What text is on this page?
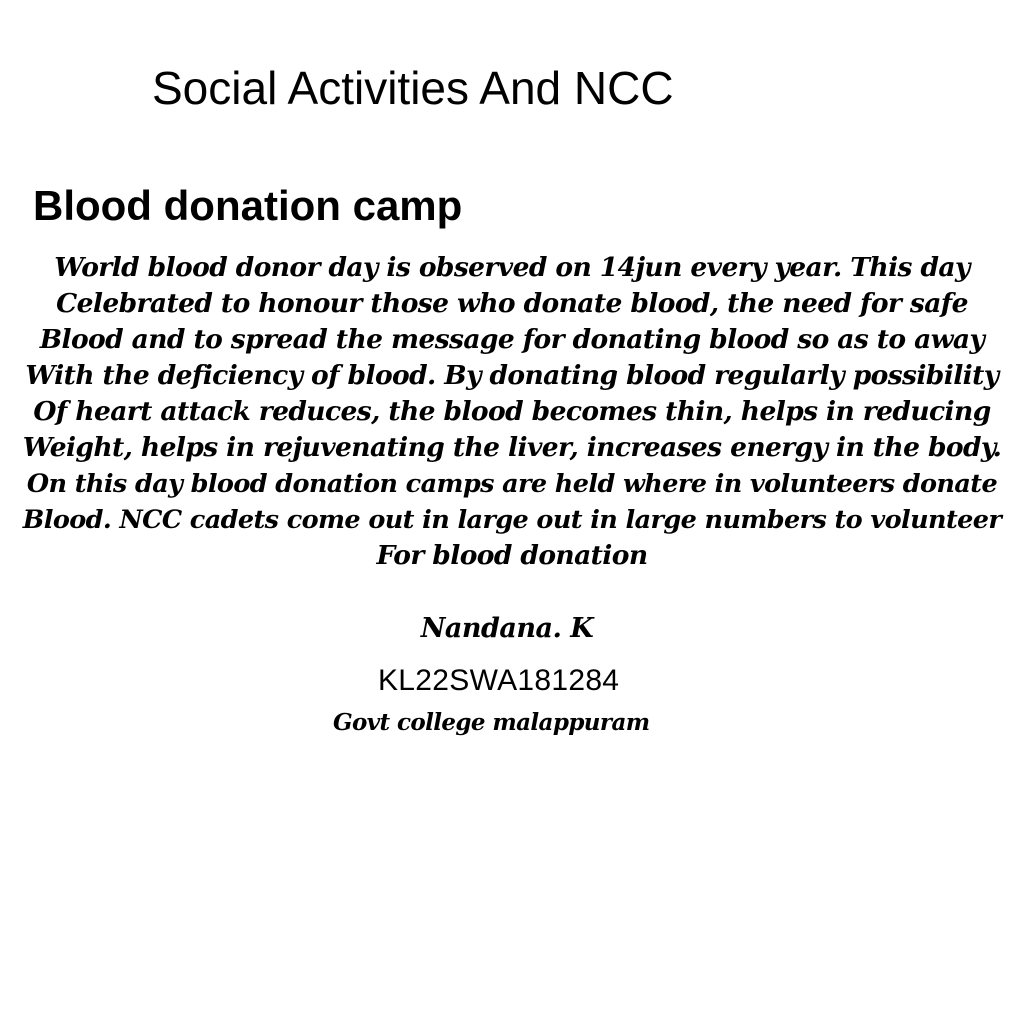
Social Activities And NCC
Blood donation camp
World blood donor day is observed on 14jun every year. This day
Celebrated to honour those who donate blood, the need for safe
Blood and to spread the message for donating blood so as to away
With the deficiency of blood. By donating blood regularly possibility
Of heart attack reduces, the blood becomes thin, helps in reducing
Weight, helps in rejuvenating the liver, increases energy in the body.
On this day blood donation camps are held where in volunteers donate
Blood. NCC cadets come out in large out in large numbers to volunteer
For blood donation
Nandana. K
KL22SWA181284
Govt college malappuram
